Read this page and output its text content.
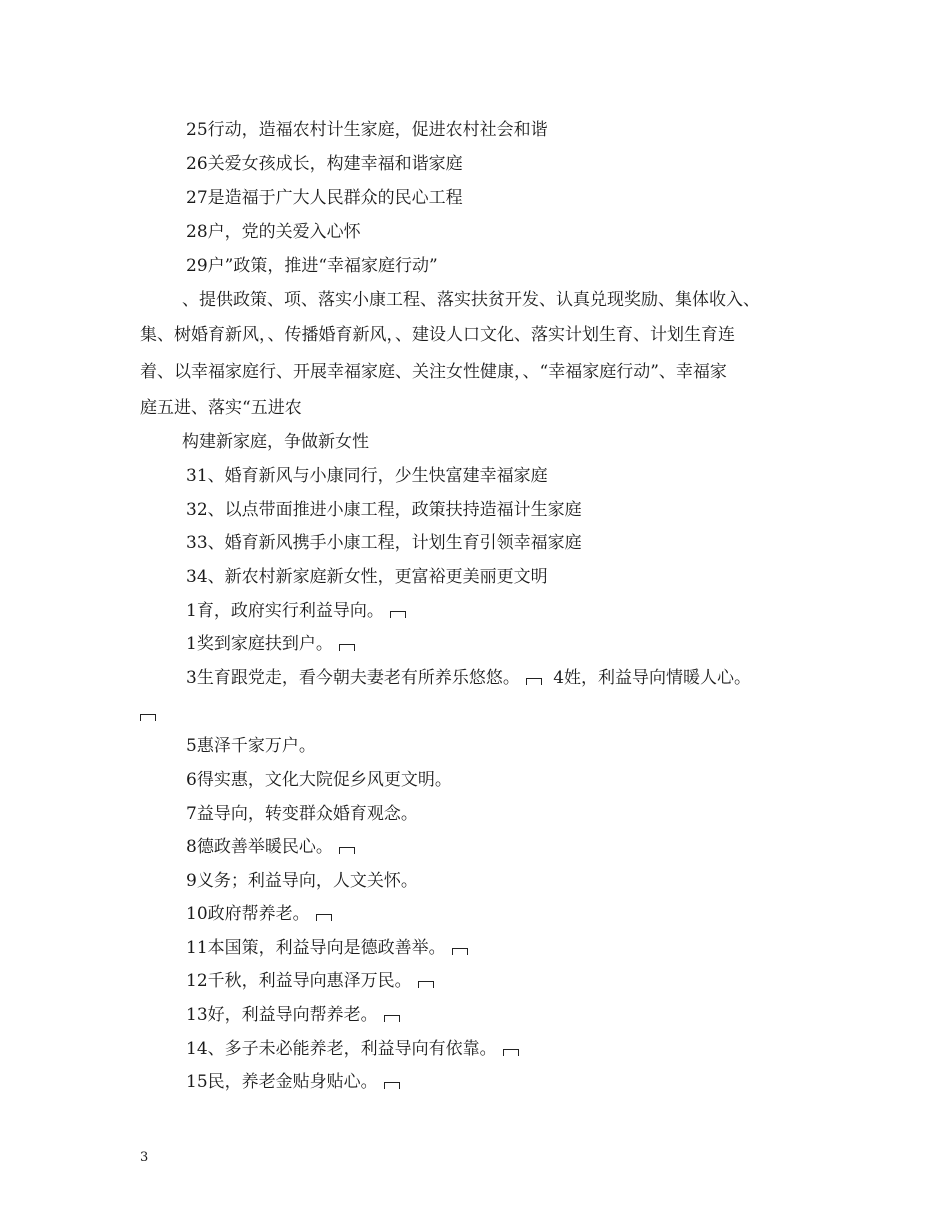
25行动，造福农村计生家庭，促进农村社会和谐
26关爱女孩成长，构建幸福和谐家庭
27是造福于广大人民群众的民心工程
28户，党的关爱入心怀
29户”政策，推进“幸福家庭行动”
、提供政策、项、落实小康工程、落实扶贫开发、认真兑现奖励、集体收入、
集、树婚育新风，、传播婚育新风，、建设人口文化、落实计划生育、计划生育连
着、以幸福家庭行、开展幸福家庭、关注女性健康，、“幸福家庭行动”、幸福家
庭五进、落实“五进农
构建新家庭，争做新女性
31、婚育新风与小康同行，少生快富建幸福家庭
32、以点带面推进小康工程，政策扶持造福计生家庭
33、婚育新风携手小康工程，计划生育引领幸福家庭
34、新农村新家庭新女性，更富裕更美丽更文明
1育，政府实行利益导向。
1奖到家庭扶到户。
3生育跟党走，看今朝夫妻老有所养乐悠悠。 4姓，利益导向情暖人心。
5惠泽千家万户。
6得实惠，文化大院促乡风更文明。
7益导向，转变群众婚育观念。
8德政善举暖民心。
9义务；利益导向，人文关怀。
10政府帮养老。
11本国策，利益导向是德政善举。
12千秋，利益导向惠泽万民。
13好，利益导向帮养老。
14、多子未必能养老，利益导向有依靠。
15民，养老金贴身贴心。
3
